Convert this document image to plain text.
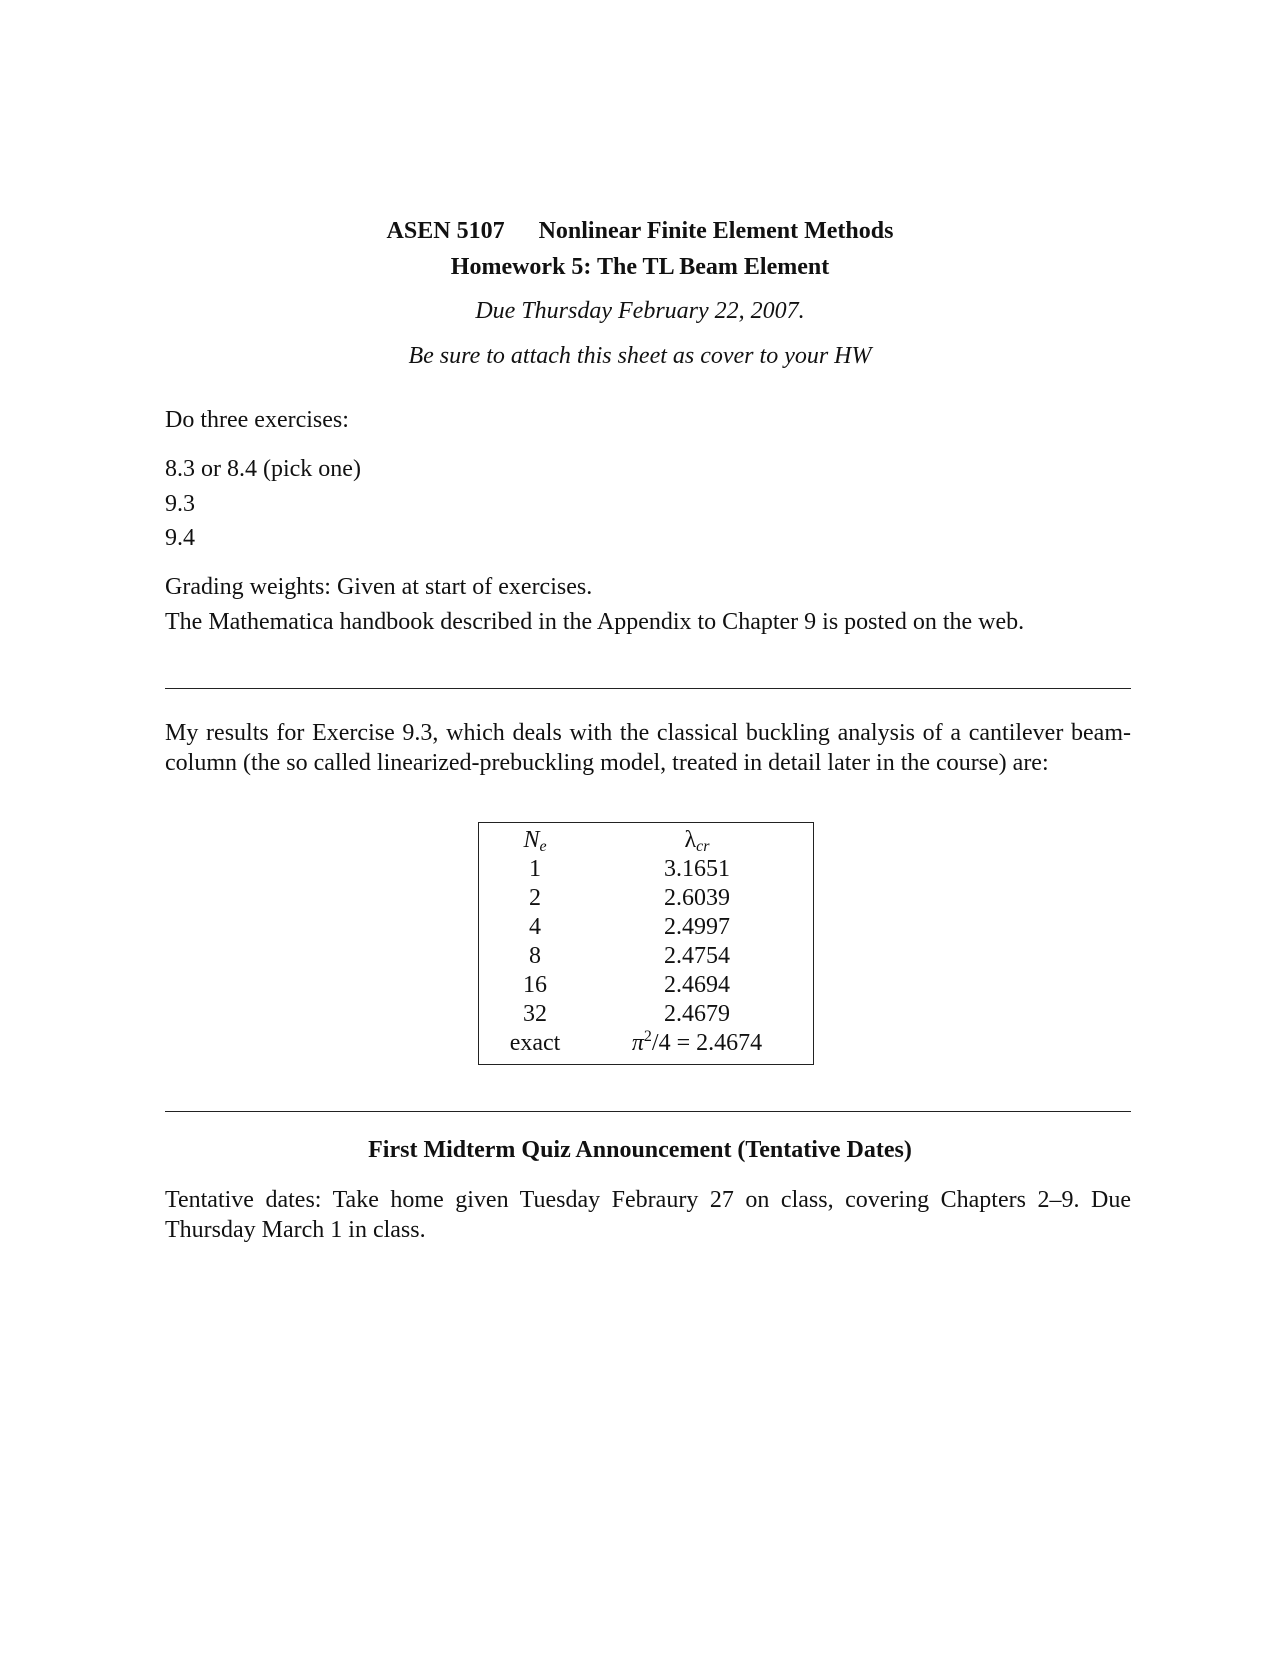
ASEN 5107 Nonlinear Finite Element Methods
Homework 5: The TL Beam Element
Due Thursday February 22, 2007.
Be sure to attach this sheet as cover to your HW
Do three exercises:
8.3 or 8.4 (pick one)
9.3
9.4
Grading weights: Given at start of exercises.
The Mathematica handbook described in the Appendix to Chapter 9 is posted on the web.
My results for Exercise 9.3, which deals with the classical buckling analysis of a cantilever beam-column (the so called linearized-prebuckling model, treated in detail later in the course) are:
$N_e$	$\lambda_{cr}$
1	3.1651
2	2.6039
4	2.4997
8	2.4754
16	2.4694
32	2.4679
exact	$\pi^2/4 = 2.4674$
First Midterm Quiz Announcement (Tentative Dates)
Tentative dates: Take home given Tuesday Febraury 27 on class, covering Chapters 2–9. Due Thursday March 1 in class.
